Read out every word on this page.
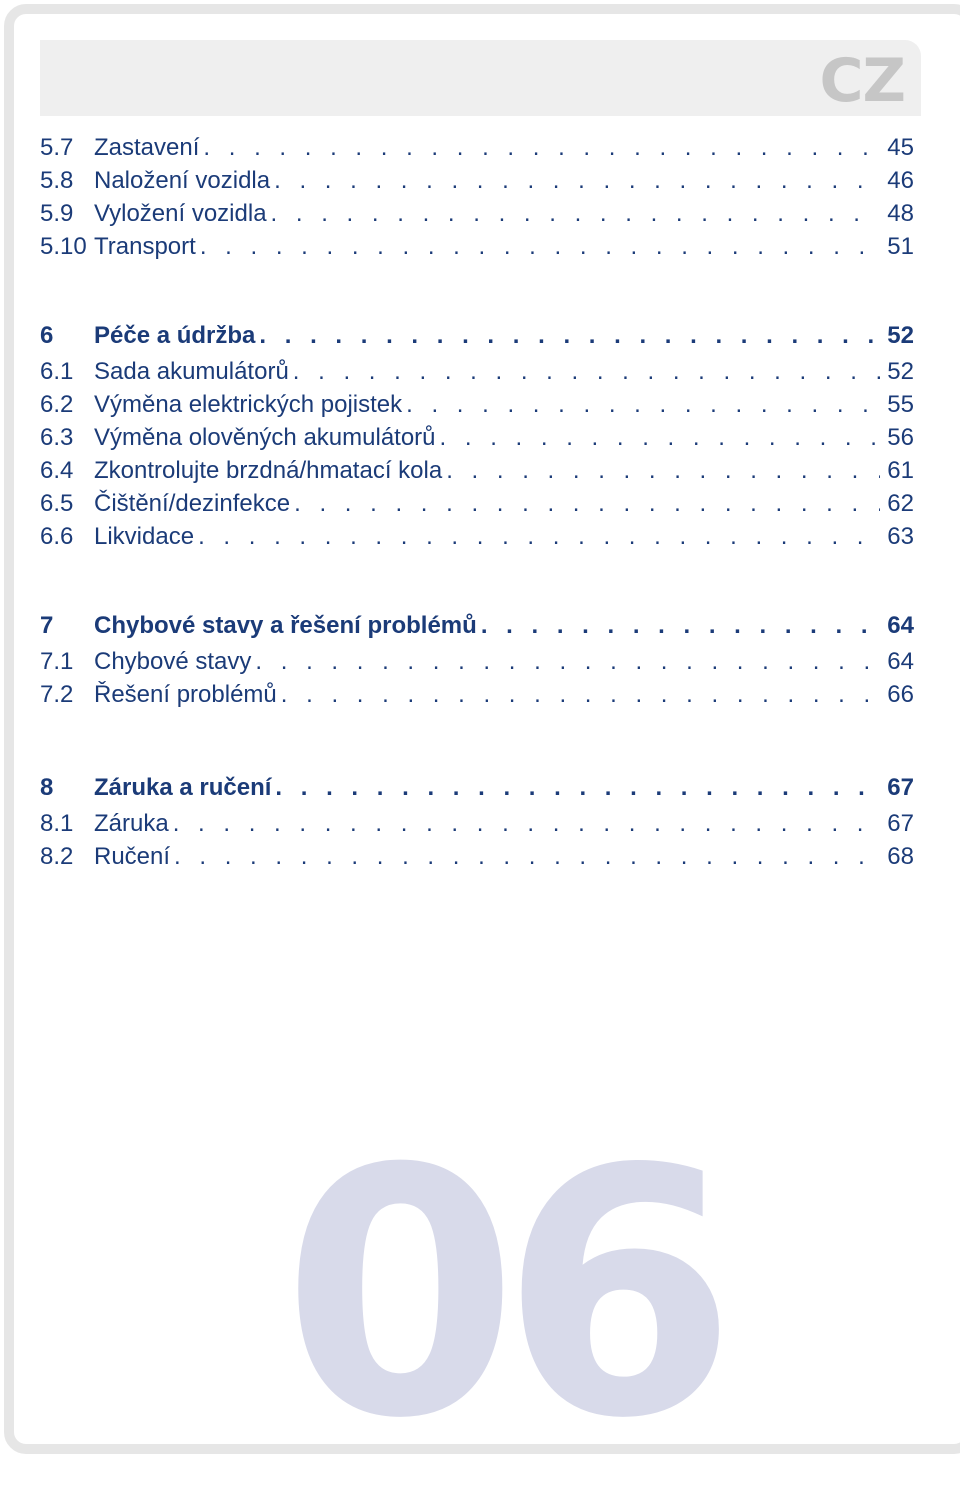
CZ
5.7 Zastavení . . .	45
5.8 Naložení vozidla . . .	46
5.9 Vyložení vozidla . . .	48
5.10 Transport . . .	51
6	Péče a údržba . . .	52
6.1 Sada akumulátorů . . .	52
6.2 Výměna elektrických pojistek . . .	55
6.3 Výměna olověných akumulátorů . . .	56
6.4 Zkontrolujte brzdná/hmatací kola . . .	61
6.5 Čištění/dezinfekce . . .	62
6.6 Likvidace . . .	63
7	Chybové stavy a řešení problémů . . .	64
7.1 Chybové stavy . . .	64
7.2 Řešení problémů . . .	66
8	Záruka a ručení . . .	67
8.1 Záruka . . .	67
8.2 Ručení . . .	68
06
